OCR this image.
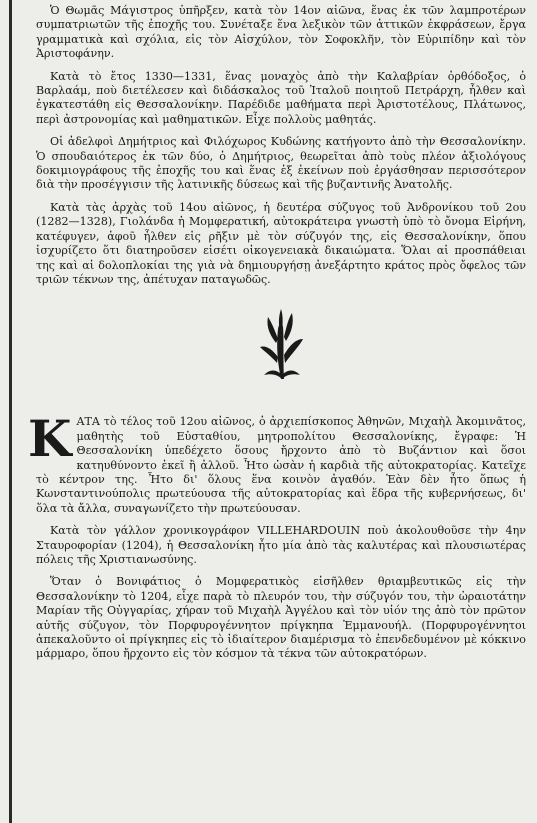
Ὁ Θωμᾶς Μάγιστρος ὑπῆρξεν, κατὰ τὸν 14ον αἰῶνα, ἕνας ἐκ τῶν λαμπροτέρων συμπατριωτῶν τῆς ἐποχῆς του. Συνέταξε ἕνα λεξικὸν τῶν ἀττικῶν ἐκφράσεων, ἔργα γραμματικὰ καὶ σχόλια, εἰς τὸν Αἰσχύλον, τὸν Σοφοκλῆν, τὸν Εὐριπίδην καὶ τὸν Ἀριστοφάνην.

Κατὰ τὸ ἔτος 1330—1331, ἕνας μοναχὸς ἀπὸ τὴν Καλαβρίαν ὀρθόδοξος, ὁ Βαρλαάμ, ποὺ διετέλεσεν καὶ διδάσκαλος τοῦ Ἰταλοῦ ποιητοῦ Πετράρχη, ἦλθεν καὶ ἐγκατεστάθη εἰς Θεσσαλονίκην. Παρέδιδε μαθήματα περὶ Ἀριστοτέλους, Πλάτωνος, περὶ ἀστρονομίας καὶ μαθηματικῶν. Εἶχε πολλοὺς μαθητάς.

Οἱ ἀδελφοὶ Δημήτριος καὶ Φιλόχωρος Κυδώνης κατήγοντο ἀπὸ τὴν Θεσσαλονίκην. Ὁ σπουδαιότερος ἐκ τῶν δύο, ὁ Δημήτριος, θεωρεῖται ἀπὸ τοὺς πλέον ἀξιολόγους δοκιμιογράφους τῆς ἐποχῆς του καὶ ἕνας ἐξ ἐκείνων ποὺ ἐργάσθησαν περισσότερον διὰ τὴν προσέγγισιν τῆς λατινικῆς δύσεως καὶ τῆς βυζαντινῆς Ἀνατολῆς.

Κατὰ τὰς ἀρχὰς τοῦ 14ου αἰῶνος, ἡ δευτέρα σύζυγος τοῦ Ἀνδρονίκου τοῦ 2ου (1282—1328), Γιολάνδα ἡ Μομφερατική, αὐτοκράτειρα γνωστὴ ὑπὸ τὸ ὄνομα Εἰρήνη, κατέφυγεν, ἀφοῦ ἦλθεν εἰς ρῆξιν μὲ τὸν σύζυγόν της, εἰς Θεσσαλονίκην, ὅπου ἰσχυρίζετο ὅτι διατηροῦσεν εἰσέτι οἰκογενειακὰ δικαιώματα. Ὅλαι αἱ προσπάθειαι της καὶ αἱ δολοπλοκίαι της γιὰ νὰ δημιουργήσῃ ἀνεξάρτητο κράτος πρὸς ὄφελος τῶν τριῶν τέκνων της, ἀπέτυχαν παταγωδῶς.

Κ ΑΤΑ τὸ τέλος τοῦ 12ου αἰῶνος, ὁ ἀρχιεπίσκοπος Ἀθηνῶν, Μιχαὴλ Ἀκομινᾶτος, μαθητὴς τοῦ Εὐσταθίου, μητροπολίτου Θεσσαλονίκης, ἔγραφε: Ἡ Θεσσαλονίκη ὑπεδέχετο ὅσους ἤρχοντο ἀπὸ τὸ Βυζάντιον καὶ ὅσοι κατηυθύνοντο ἐκεῖ ἢ ἀλλοῦ. Ἦτο ὡσὰν ἡ καρδιὰ τῆς αὐτοκρατορίας. Κατεῖχε τὸ κέντρον της. Ἦτο δι' ὅλους ἕνα κοινὸν ἀγαθόν. Ἐὰν δὲν ἦτο ὅπως ἡ Κωνσταντινούπολις πρωτεύουσα τῆς αὐτοκρατορίας καὶ ἕδρα τῆς κυβερνήσεως, δι' ὅλα τὰ ἄλλα, συναγωνίζετο τὴν πρωτεύουσαν.

Κατὰ τὸν γάλλον χρονικογράφον VILLEHARDOUIN ποὺ ἀκολουθοῦσε τὴν 4ην Σταυροφορίαν (1204), ἡ Θεσσαλονίκη ἦτο μία ἀπὸ τὰς καλυτέρας καὶ πλουσιωτέρας πόλεις τῆς Χριστιανωσύνης.

Ὅταν ὁ Βονιφάτιος ὁ Μομφερατικὸς εἰσῆλθεν θριαμβευτικῶς εἰς τὴν Θεσσαλονίκην τὸ 1204, εἶχε παρὰ τὸ πλευρόν του, τὴν σύζυγόν του, τὴν ὡραιοτάτην Μαρίαν τῆς Οὐγγαρίας, χήραν τοῦ Μιχαὴλ Ἀγγέλου καὶ τὸν υἱόν της ἀπὸ τὸν πρῶτον αὐτῆς σύζυγον, τὸν Πορφυρογέννητον πρίγκηπα Ἐμμανουήλ. (Πορφυρογέννητοι ἀπεκαλοῦντο οἱ πρίγκηπες εἰς τὸ ἰδιαίτερον διαμέρισμα τὸ ἐπενδεδυμένον μὲ κόκκινο μάρμαρο, ὅπου ἤρχοντο εἰς τὸν κόσμον τὰ τέκνα τῶν αὐτοκρατόρων.
